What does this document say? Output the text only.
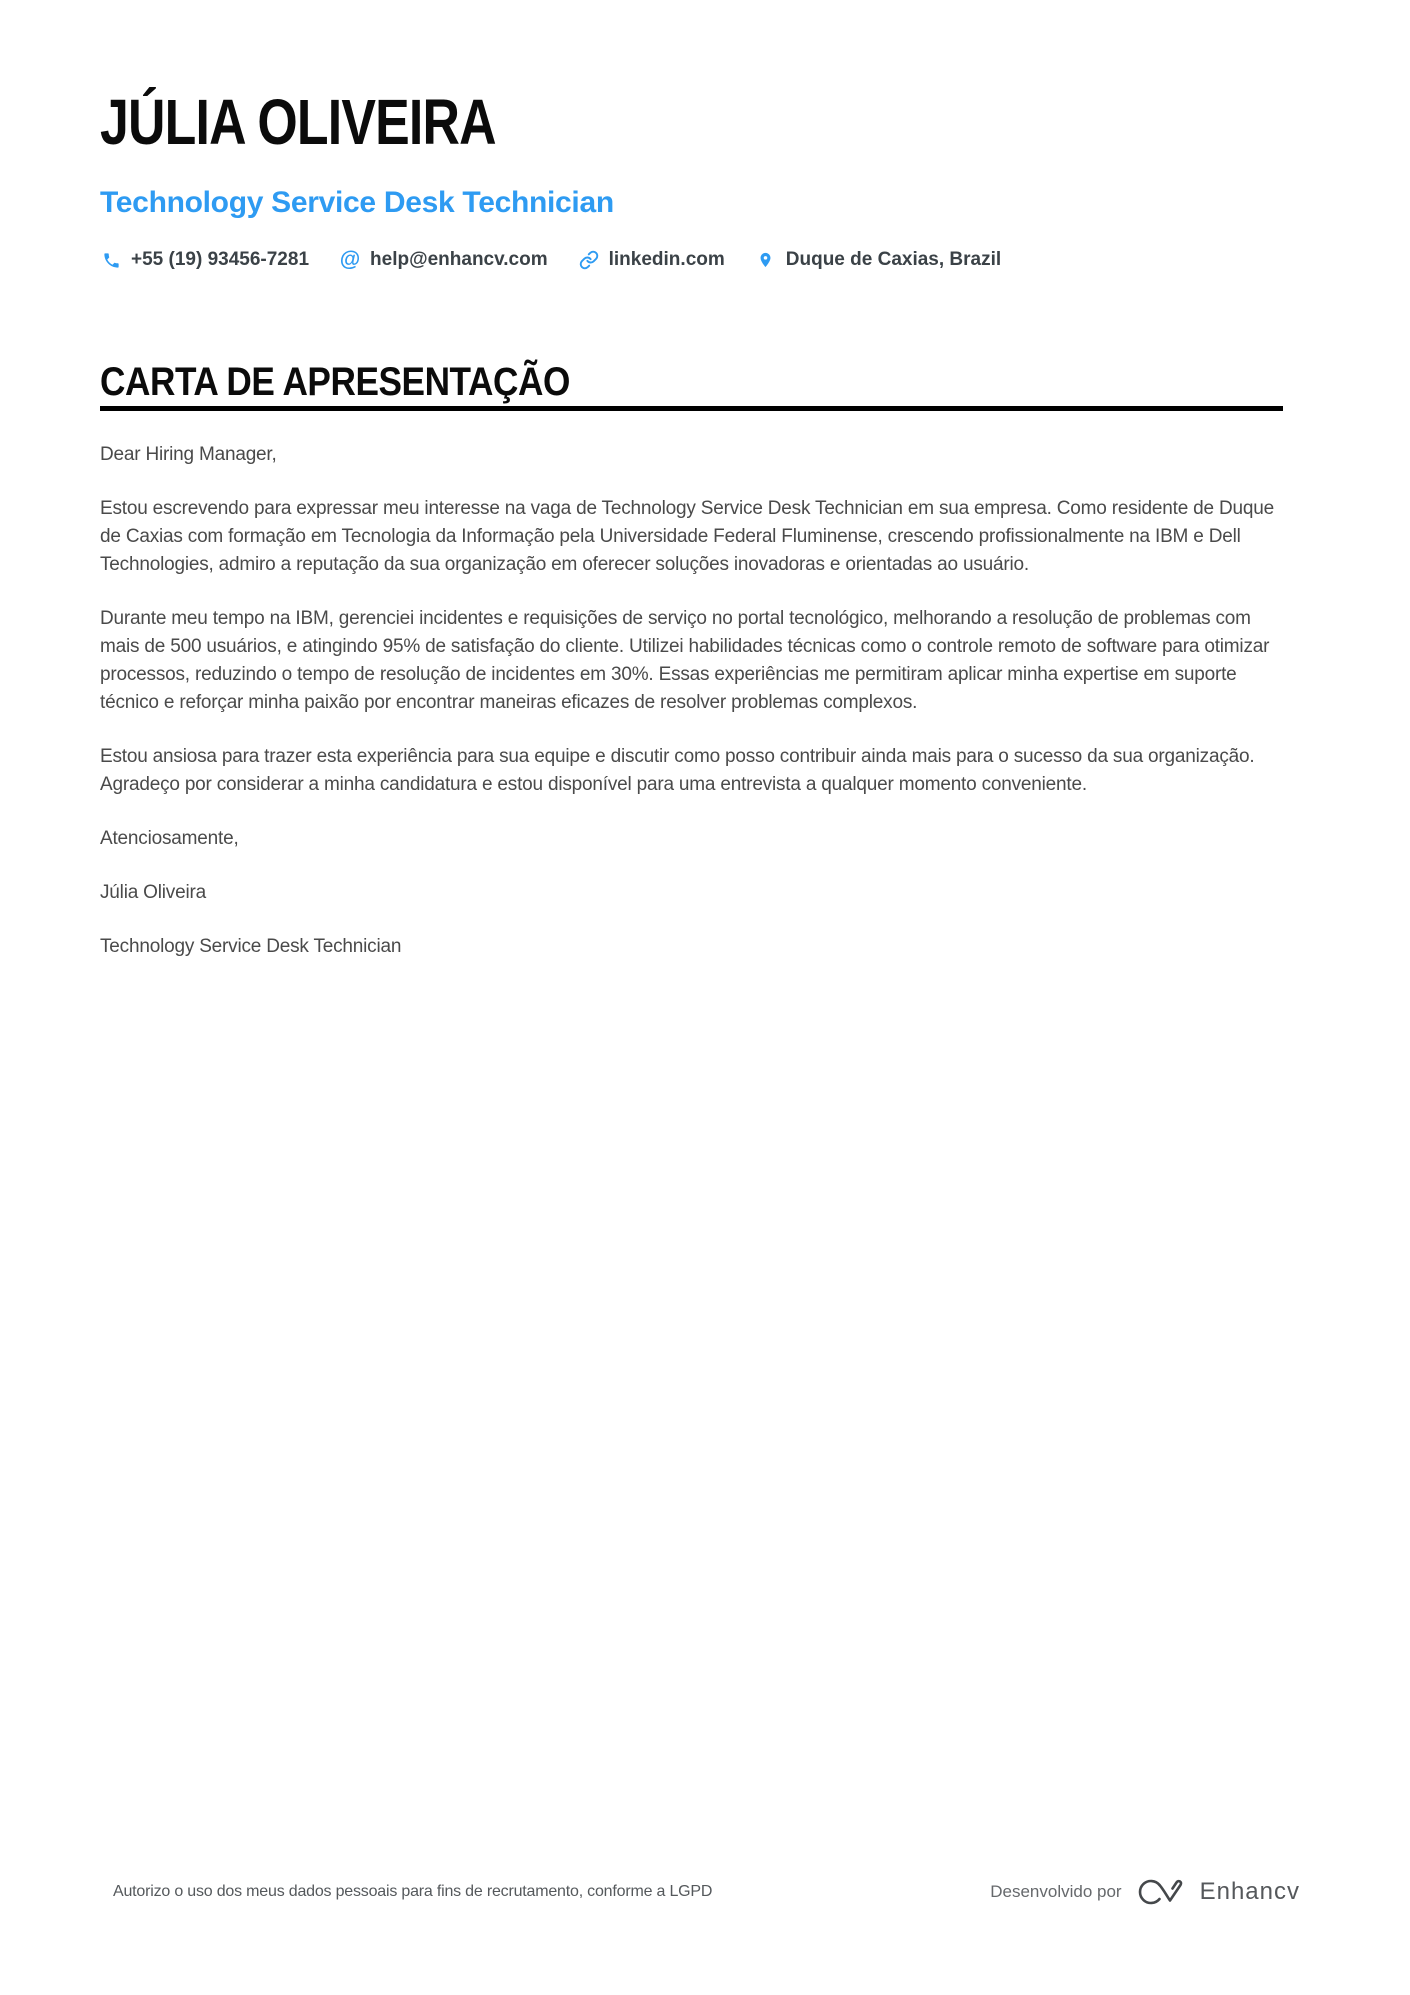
JÚLIA OLIVEIRA
Technology Service Desk Technician
+55 (19) 93456-7281 @ help@enhancv.com	linkedin.com	Duque de Caxias, Brazil
CARTA DE APRESENTAÇÃO

Dear Hiring Manager,

Estou escrevendo para expressar meu interesse na vaga de Technology Service Desk Technician em sua empresa. Como residente de Duque de Caxias com formação em Tecnologia da Informação pela Universidade Federal Fluminense, crescendo profissionalmente na IBM e Dell Technologies, admiro a reputação da sua organização em oferecer soluções inovadoras e orientadas ao usuário.

Durante meu tempo na IBM, gerenciei incidentes e requisições de serviço no portal tecnológico, melhorando a resolução de problemas com mais de 500 usuários, e atingindo 95% de satisfação do cliente. Utilizei habilidades técnicas como o controle remoto de software para otimizar processos, reduzindo o tempo de resolução de incidentes em 30%. Essas experiências me permitiram aplicar minha expertise em suporte técnico e reforçar minha paixão por encontrar maneiras eficazes de resolver problemas complexos.

Estou ansiosa para trazer esta experiência para sua equipe e discutir como posso contribuir ainda mais para o sucesso da sua organização. Agradeço por considerar a minha candidatura e estou disponível para uma entrevista a qualquer momento conveniente.

Atenciosamente,

Júlia Oliveira

Technology Service Desk Technician

Autorizo o uso dos meus dados pessoais para fins de recrutamento, conforme a LGPD	Desenvolvido por	Enhancv
